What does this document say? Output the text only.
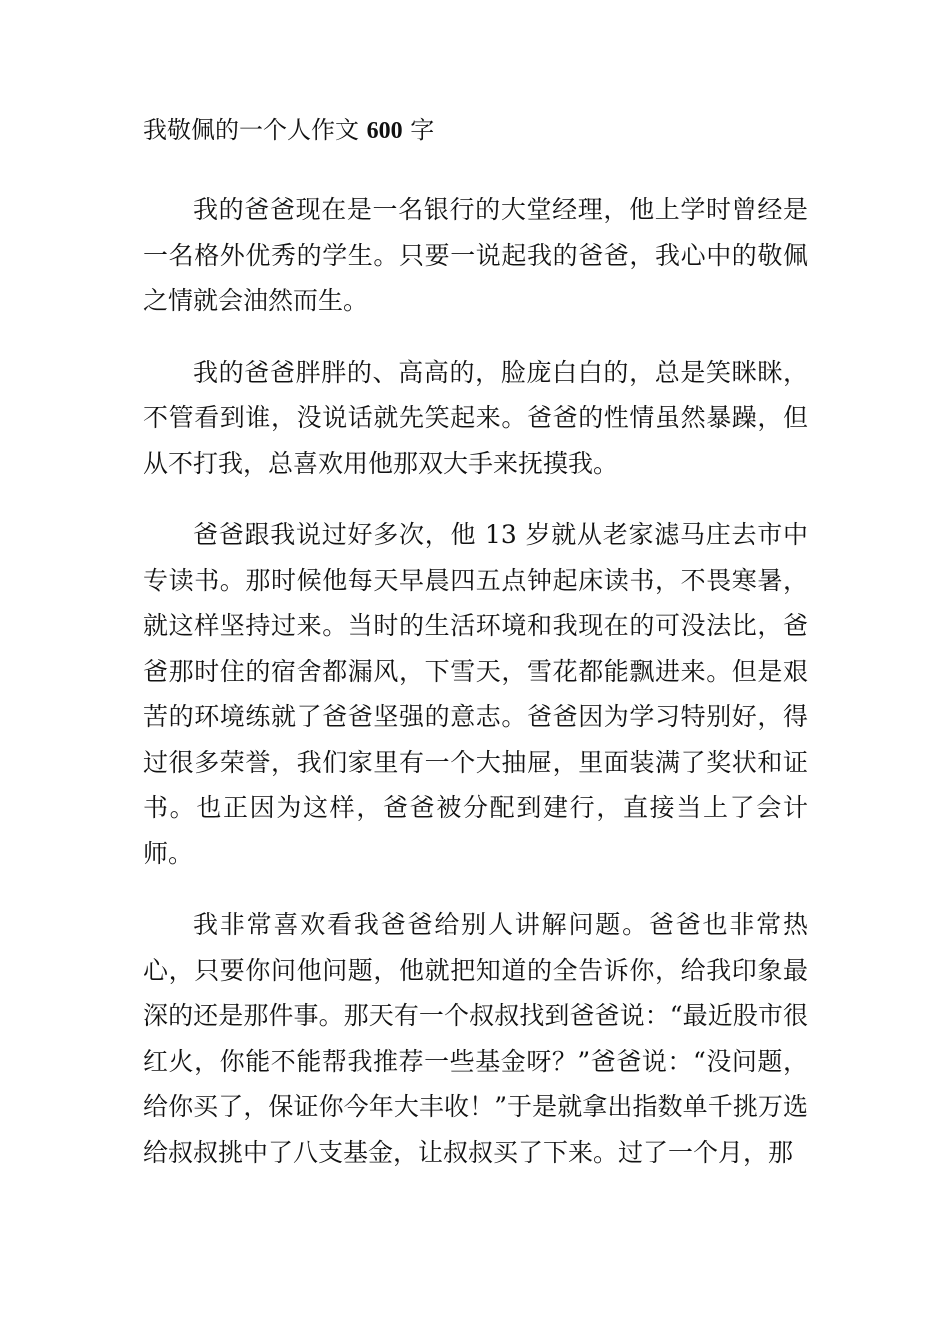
我敬佩的一个人作文 600 字

我的爸爸现在是一名银行的大堂经理，他上学时曾经是一名格外优秀的学生。只要一说起我的爸爸，我心中的敬佩之情就会油然而生。

我的爸爸胖胖的、高高的，脸庞白白的，总是笑眯眯，不管看到谁，没说话就先笑起来。爸爸的性情虽然暴躁，但从不打我，总喜欢用他那双大手来抚摸我。

爸爸跟我说过好多次，他 13 岁就从老家滤马庄去市中专读书。那时候他每天早晨四五点钟起床读书，不畏寒暑，就这样坚持过来。当时的生活环境和我现在的可没法比，爸爸那时住的宿舍都漏风，下雪天，雪花都能飘进来。但是艰苦的环境练就了爸爸坚强的意志。爸爸因为学习特别好，得过很多荣誉，我们家里有一个大抽屉，里面装满了奖状和证书。也正因为这样，爸爸被分配到建行，直接当上了会计师。

我非常喜欢看我爸爸给别人讲解问题。爸爸也非常热心，只要你问他问题，他就把知道的全告诉你，给我印象最深的还是那件事。那天有一个叔叔找到爸爸说：“最近股市很红火，你能不能帮我推荐一些基金呀？”爸爸说：“没问题，给你买了，保证你今年大丰收！”于是就拿出指数单千挑万选给叔叔挑中了八支基金，让叔叔买了下来。过了一个月，那
